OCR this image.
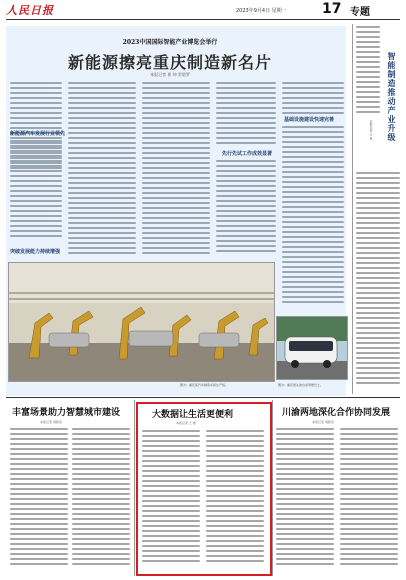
人民日报	2023年9月4日 星期一	17 专题
2023中国国际智能产业博览会举行
新能源擦亮重庆制造新名片
本报记者 崔 坤 常碧罗
新能源汽车发展行业领先
突破发展能力持续增强
先行先试工作成效显著
基础设施建设快速完善
图为：重庆某汽车制造车间生产线。	图为：重庆街头的自动驾驶巴士。
智能制造推动产业升级
本报记者 王 俊
丰富场景助力智慧城市建设
本报记者 刘新亮
大数据让生活更便利
本报记者 王 俊
川渝两地深化合作协同发展
本报记者 刘新亮
